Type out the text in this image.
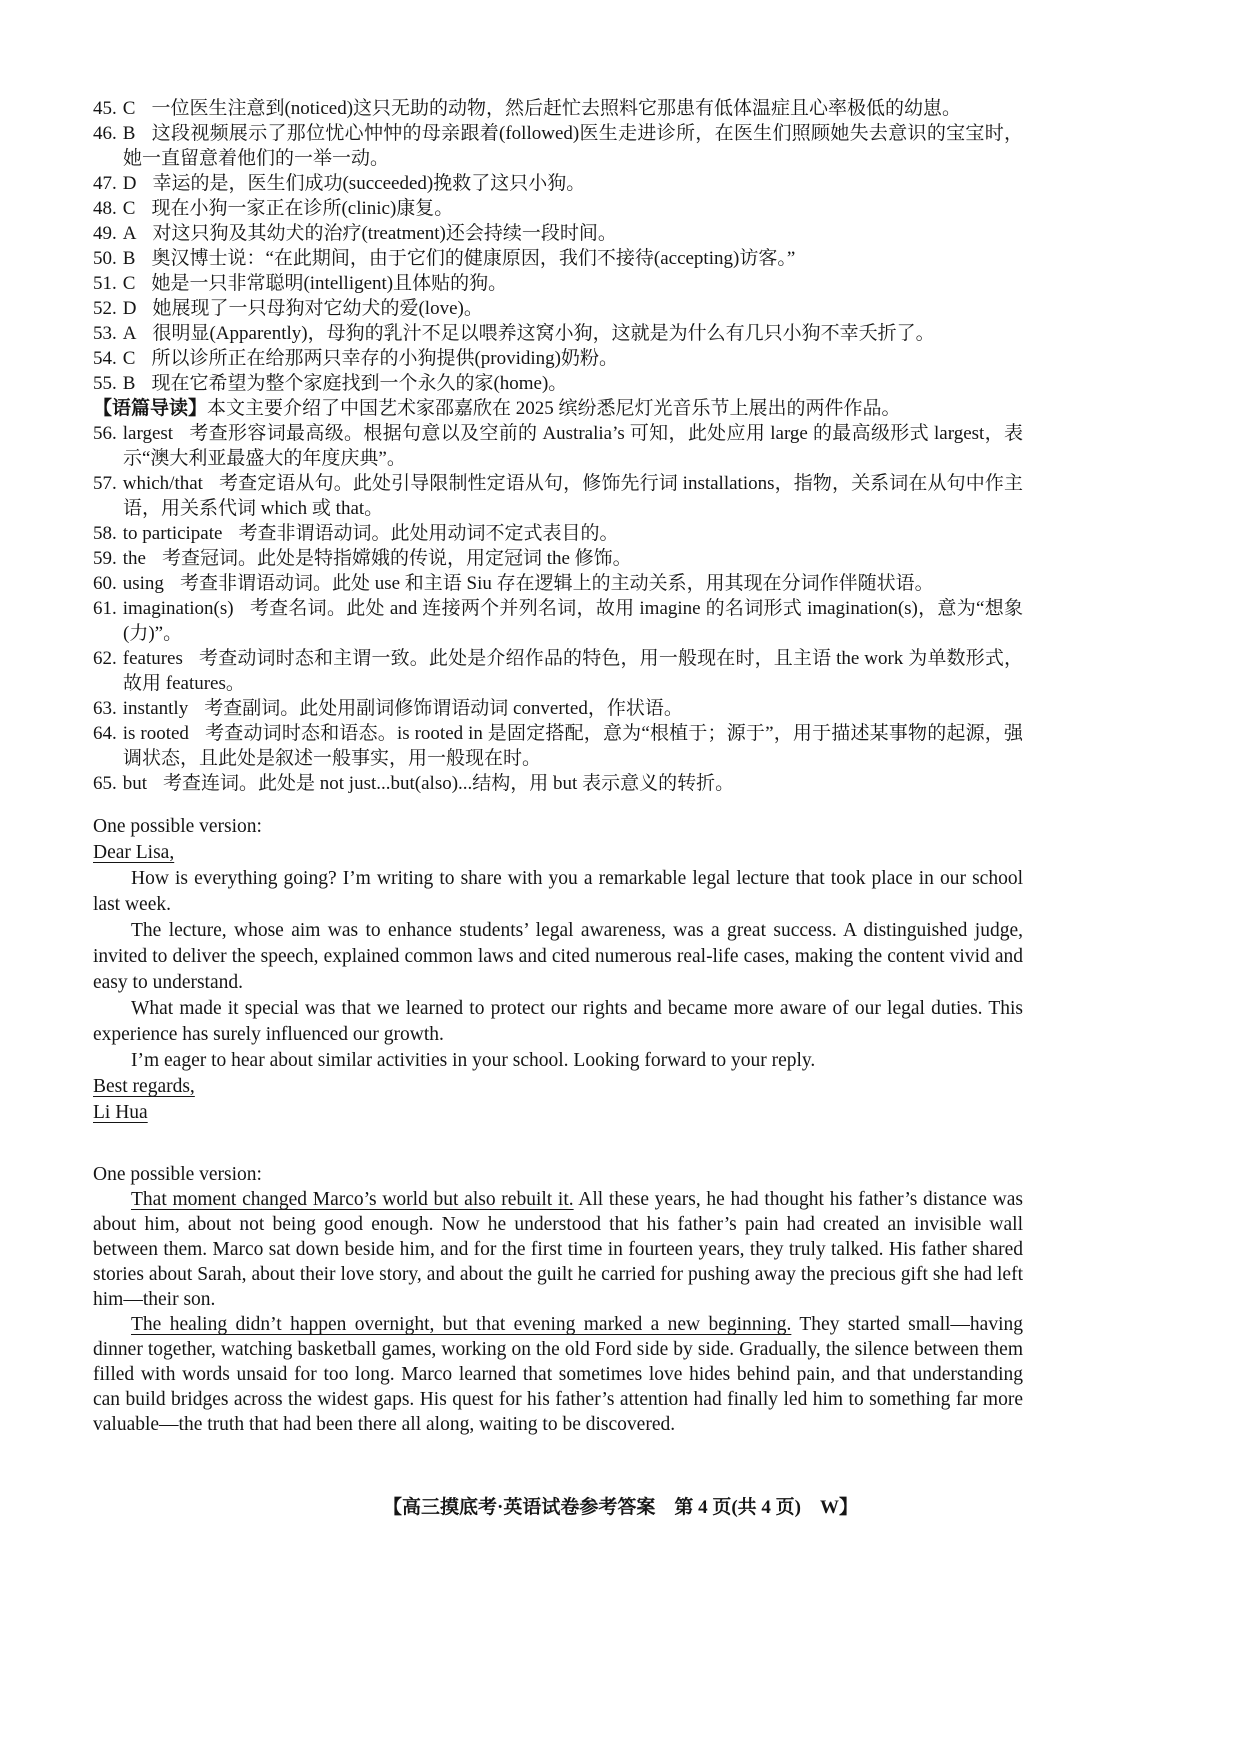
45. C 一位医生注意到(noticed)这只无助的动物，然后赶忙去照料它那患有低体温症且心率极低的幼崽。
46. B 这段视频展示了那位忧心忡忡的母亲跟着(followed)医生走进诊所，在医生们照顾她失去意识的宝宝时，她一直留意着他们的一举一动。
47. D 幸运的是，医生们成功(succeeded)挽救了这只小狗。
48. C 现在小狗一家正在诊所(clinic)康复。
49. A 对这只狗及其幼犬的治疗(treatment)还会持续一段时间。
50. B 奥汉博士说：“在此期间，由于它们的健康原因，我们不接待(accepting)访客。”
51. C 她是一只非常聪明(intelligent)且体贴的狗。
52. D 她展现了一只母狗对它幼犬的爱(love)。
53. A 很明显(Apparently)，母狗的乳汁不足以喂养这窝小狗，这就是为什么有几只小狗不幸夭折了。
54. C 所以诊所正在给那两只幸存的小狗提供(providing)奶粉。
55. B 现在它希望为整个家庭找到一个永久的家(home)。
【语篇导读】本文主要介绍了中国艺术家邵嘉欣在 2025 缤纷悉尼灯光音乐节上展出的两件作品。
56. largest 考查形容词最高级。根据句意以及空前的 Australia’s 可知，此处应用 large 的最高级形式 largest，表示“澳大利亚最盛大的年度庆典”。
57. which/that 考查定语从句。此处引导限制性定语从句，修饰先行词 installations，指物，关系词在从句中作主语，用关系代词 which 或 that。
58. to participate 考查非谓语动词。此处用动词不定式表目的。
59. the 考查冠词。此处是特指嫦娥的传说，用定冠词 the 修饰。
60. using 考查非谓语动词。此处 use 和主语 Siu 存在逻辑上的主动关系，用其现在分词作伴随状语。
61. imagination(s) 考查名词。此处 and 连接两个并列名词，故用 imagine 的名词形式 imagination(s)，意为“想象(力)”。
62. features 考查动词时态和主谓一致。此处是介绍作品的特色，用一般现在时，且主语 the work 为单数形式，故用 features。
63. instantly 考查副词。此处用副词修饰谓语动词 converted，作状语。
64. is rooted 考查动词时态和语态。is rooted in 是固定搭配，意为“根植于；源于”，用于描述某事物的起源，强调状态，且此处是叙述一般事实，用一般现在时。
65. but 考查连词。此处是 not just...but(also)...结构，用 but 表示意义的转折。

One possible version:

Dear Lisa,

How is everything going? I’m writing to share with you a remarkable legal lecture that took place in our school last week.

The lecture, whose aim was to enhance students’ legal awareness, was a great success. A distinguished judge, invited to deliver the speech, explained common laws and cited numerous real-life cases, making the content vivid and easy to understand.

What made it special was that we learned to protect our rights and became more aware of our legal duties. This experience has surely influenced our growth.

I’m eager to hear about similar activities in your school. Looking forward to your reply.

Best regards,

Li Hua

One possible version:

That moment changed Marco’s world but also rebuilt it. All these years, he had thought his father’s distance was about him, about not being good enough. Now he understood that his father’s pain had created an invisible wall between them. Marco sat down beside him, and for the first time in fourteen years, they truly talked. His father shared stories about Sarah, about their love story, and about the guilt he carried for pushing away the precious gift she had left him—their son.

The healing didn’t happen overnight, but that evening marked a new beginning. They started small—having dinner together, watching basketball games, working on the old Ford side by side. Gradually, the silence between them filled with words unsaid for too long. Marco learned that sometimes love hides behind pain, and that understanding can build bridges across the widest gaps. His quest for his father’s attention had finally led him to something far more valuable—the truth that had been there all along, waiting to be discovered.

【高三摸底考·英语试卷参考答案　第 4 页(共 4 页)　W】
